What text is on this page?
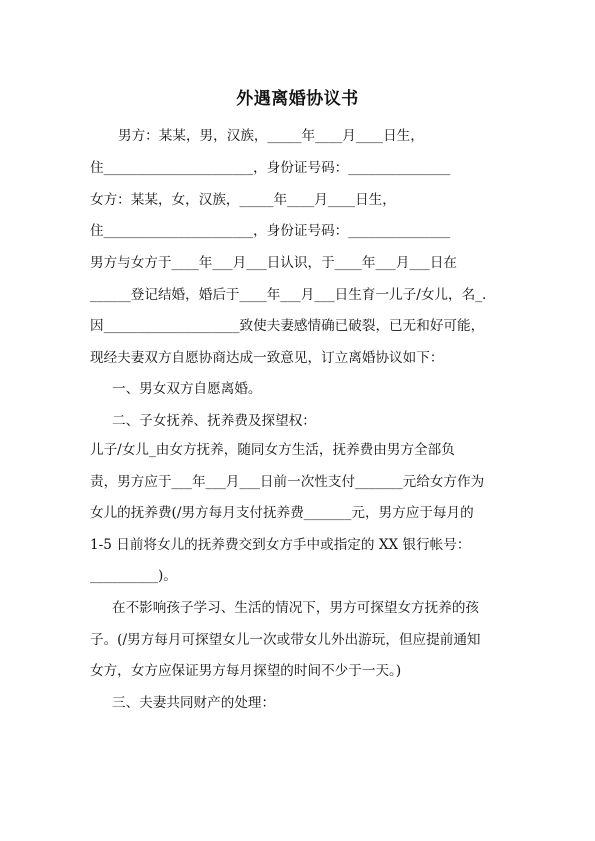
外遇离婚协议书
男方：某某，男，汉族，_____年____月____日生，
住______________________，身份证号码：_______________
女方：某某，女，汉族，_____年____月____日生，
住______________________，身份证号码：_______________
男方与女方于____年___月___日认识，于____年___月___日在
______登记结婚，婚后于____年___月___日生育一儿子/女儿，名_.
因____________________致使夫妻感情确已破裂，已无和好可能，
现经夫妻双方自愿协商达成一致意见，订立离婚协议如下：
一、男女双方自愿离婚。
二、子女抚养、抚养费及探望权：
儿子/女儿_由女方抚养，随同女方生活，抚养费由男方全部负
责，男方应于___年___月___日前一次性支付_______元给女方作为
女儿的抚养费(/男方每月支付抚养费_______元，男方应于每月的
1-5 日前将女儿的抚养费交到女方手中或指定的 XX 银行帐号：
__________)。
在不影响孩子学习、生活的情况下，男方可探望女方抚养的孩
子。(/男方每月可探望女儿一次或带女儿外出游玩，但应提前通知
女方，女方应保证男方每月探望的时间不少于一天。)
三、夫妻共同财产的处理：
